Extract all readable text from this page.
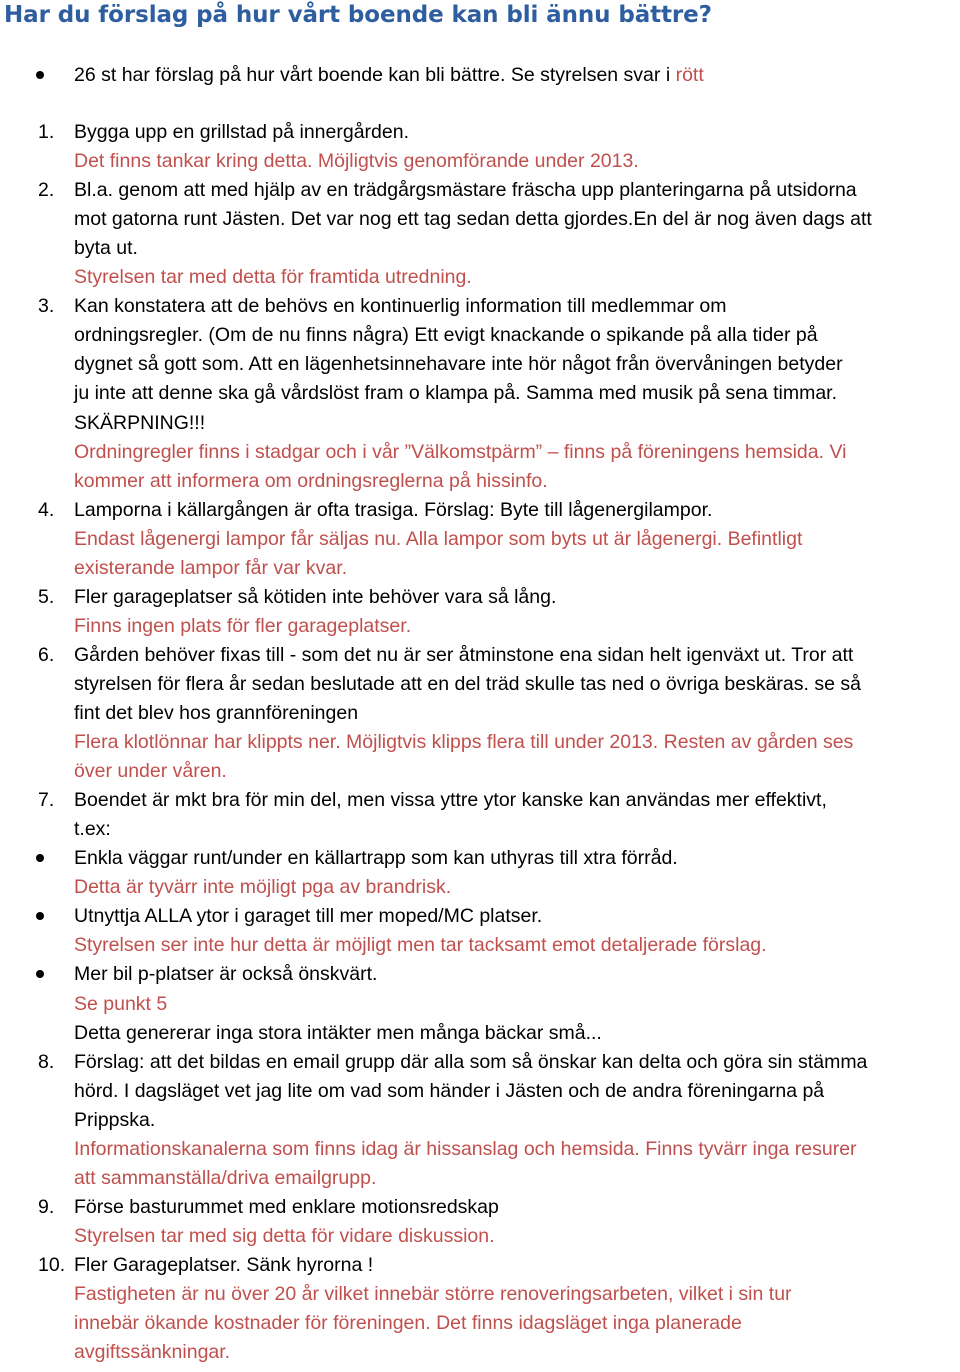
Har du förslag på hur vårt boende kan bli ännu bättre?

26 st har förslag på hur vårt boende kan bli bättre. Se styrelsen svar i rött

1. Bygga upp en grillstad på innergården.

Det finns tankar kring detta. Möjligtvis genomförande under 2013.

2. Bl.a. genom att med hjälp av en trädgårgsmästare fräscha upp planteringarna på utsidorna

mot gatorna runt Jästen. Det var nog ett tag sedan detta gjordes.En del är nog även dags att

byta ut.

Styrelsen tar med detta för framtida utredning.

3. Kan konstatera att de behövs en kontinuerlig information till medlemmar om

ordningsregler. (Om de nu finns några) Ett evigt knackande o spikande på alla tider på

dygnet så gott som. Att en lägenhetsinnehavare inte hör något från övervåningen betyder

ju inte att denne ska gå vårdslöst fram o klampa på. Samma med musik på sena timmar.

SKÄRPNING!!!

Ordningregler finns i stadgar och i vår ”Välkomstpärm” – finns på föreningens hemsida. Vi

kommer att informera om ordningsreglerna på hissinfo.

4. Lamporna i källargången är ofta trasiga. Förslag: Byte till lågenergilampor.

Endast lågenergi lampor får säljas nu. Alla lampor som byts ut är lågenergi. Befintligt

existerande lampor får var kvar.

5. Fler garageplatser så kötiden inte behöver vara så lång.

Finns ingen plats för fler garageplatser.

6. Gården behöver fixas till - som det nu är ser åtminstone ena sidan helt igenväxt ut. Tror att

styrelsen för flera år sedan beslutade att en del träd skulle tas ned o övriga beskäras. se så

fint det blev hos grannföreningen

Flera klotlönnar har klippts ner. Möjligtvis klipps flera till under 2013. Resten av gården ses

över under våren.

7. Boendet är mkt bra för min del, men vissa yttre ytor kanske kan användas mer effektivt,

t.ex:

Enkla väggar runt/under en källartrapp som kan uthyras till xtra förråd.

Detta är tyvärr inte möjligt pga av brandrisk.

Utnyttja ALLA ytor i garaget till mer moped/MC platser.

Styrelsen ser inte hur detta är möjligt men tar tacksamt emot detaljerade förslag.

Mer bil p-platser är också önskvärt.

Se punkt 5

Detta genererar inga stora intäkter men många bäckar små...

8. Förslag: att det bildas en email grupp där alla som så önskar kan delta och göra sin stämma

hörd. I dagsläget vet jag lite om vad som händer i Jästen och de andra föreningarna på

Prippska.

Informationskanalerna som finns idag är hissanslag och hemsida. Finns tyvärr inga resurer

att sammanställa/driva emailgrupp.

9. Förse basturummet med enklare motionsredskap

Styrelsen tar med sig detta för vidare diskussion.

10. Fler Garageplatser. Sänk hyrorna !

Fastigheten är nu över 20 år vilket innebär större renoveringsarbeten, vilket i sin tur

innebär ökande kostnader för föreningen. Det finns idagsläget inga planerade

avgiftssänkningar.
